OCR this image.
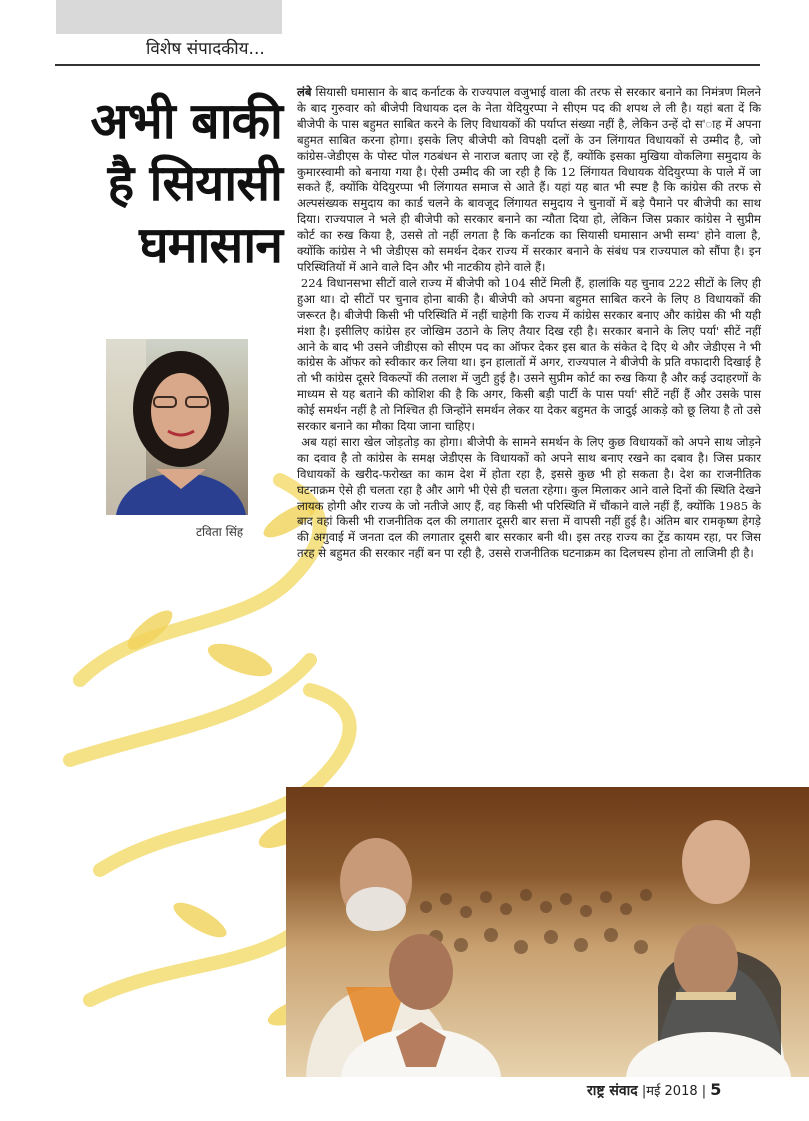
विशेष संपादकीय...
अभी बाकी
है सियासी
घमासान
टविता सिंह

लंबे सियासी घमासान के बाद कर्नाटक के राज्यपाल वजुभाई वाला की तरफ से सरकार बनाने का निमंत्रण मिलने के बाद गुरुवार को बीजेपी विधायक दल के नेता येदियुरप्पा ने सीएम पद की शपथ ले ली है। यहां बता दें कि बीजेपी के पास बहुमत साबित करने के लिए विधायकों की पर्याप्त संख्या नहीं है, लेकिन उन्हें दो स'ाह में अपना बहुमत साबित करना होगा। इसके लिए बीजेपी को विपक्षी दलों के उन लिंगायत विधायकों से उम्मीद है, जो कांग्रेस-जेडीएस के पोस्ट पोल गठबंधन से नाराज बताए जा रहे हैं, क्योंकि इसका मुखिया वोकलिगा समुदाय के कुमारस्वामी को बनाया गया है। ऐसी उम्मीद की जा रही है कि 12 लिंगायत विधायक येदियुरप्पा के पाले में जा सकते हैं, क्योंकि येदियुरप्पा भी लिंगायत समाज से आते हैं। यहां यह बात भी स्पष्ट है कि कांग्रेस की तरफ से अल्पसंख्यक समुदाय का कार्ड चलने के बावजूद लिंगायत समुदाय ने चुनावों में बड़े पैमाने पर बीजेपी का साथ दिया। राज्यपाल ने भले ही बीजेपी को सरकार बनाने का न्यौता दिया हो, लेकिन जिस प्रकार कांग्रेस ने सुप्रीम कोर्ट का रुख किया है, उससे तो नहीं लगता है कि कर्नाटक का सियासी घमासान अभी सम्य' होने वाला है, क्योंकि कांग्रेस ने भी जेडीएस को समर्थन देकर राज्य में सरकार बनाने के संबंध पत्र राज्यपाल को सौंपा है। इन परिस्थितियों में आने वाले दिन और भी नाटकीय होने वाले हैं।

224 विधानसभा सीटों वाले राज्य में बीजेपी को 104 सीटें मिली हैं, हालांकि यह चुनाव 222 सीटों के लिए ही हुआ था। दो सीटों पर चुनाव होना बाकी है। बीजेपी को अपना बहुमत साबित करने के लिए 8 विधायकों की जरूरत है। बीजेपी किसी भी परिस्थिति में नहीं चाहेगी कि राज्य में कांग्रेस सरकार बनाए और कांग्रेस की भी यही मंशा है। इसीलिए कांग्रेस हर जोखिम उठाने के लिए तैयार दिख रही है। सरकार बनाने के लिए पर्या' सीटें नहीं आने के बाद भी उसने जीडीएस को सीएम पद का ऑफर देकर इस बात के संकेत दे दिए थे और जेडीएस ने भी कांग्रेस के ऑफर को स्वीकार कर लिया था। इन हालातों में अगर, राज्यपाल ने बीजेपी के प्रति वफादारी दिखाई है तो भी कांग्रेस दूसरे विकल्पों की तलाश में जुटी हुई है। उसने सुप्रीम कोर्ट का रुख किया है और कई उदाहरणों के माध्यम से यह बताने की कोशिश की है कि अगर, किसी बड़ी पार्टी के पास पर्या' सीटें नहीं हैं और उसके पास कोई समर्थन नहीं है तो निश्चित ही जिन्होंने समर्थन लेकर या देकर बहुमत के जादुई आकड़े को छू लिया है तो उसे सरकार बनाने का मौका दिया जाना चाहिए।

अब यहां सारा खेल जोड़तोड़ का होगा। बीजेपी के सामने समर्थन के लिए कुछ विधायकों को अपने साथ जोड़ने का दवाव है तो कांग्रेस के समक्ष जेडीएस के विधायकों को अपने साथ बनाए रखने का दबाव है। जिस प्रकार विधायकों के खरीद-फरोख्त का काम देश में होता रहा है, इससे कुछ भी हो सकता है। देश का राजनीतिक घटनाक्रम ऐसे ही चलता रहा है और आगे भी ऐसे ही चलता रहेगा। कुल मिलाकर आने वाले दिनों की स्थिति देखने लायक होगी और राज्य के जो नतीजे आए हैं, वह किसी भी परिस्थिति में चौंकाने वाले नहीं हैं, क्योंकि 1985 के बाद वहां किसी भी राजनीतिक दल की लगातार दूसरी बार सत्ता में वापसी नहीं हुई है। अंतिम बार रामकृष्ण हेगड़े की अगुवाई में जनता दल की लगातार दूसरी बार सरकार बनी थी। इस तरह राज्य का ट्रेंड कायम रहा, पर जिस तरह से बहुमत की सरकार नहीं बन पा रही है, उससे राजनीतिक घटनाक्रम का दिलचस्प होना तो लाजिमी ही है।

राष्ट्र संवाद |मई 2018 | 5
